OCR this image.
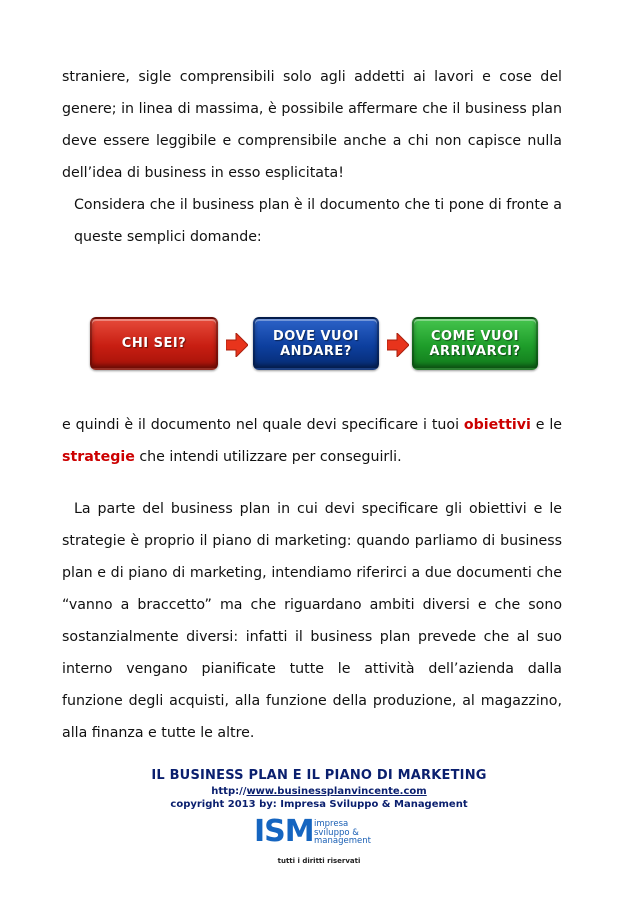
straniere, sigle comprensibili solo agli addetti ai lavori e cose del genere; in linea di massima, è possibile affermare che il business plan deve essere leggibile e comprensibile anche a chi non capisce nulla dell’idea di business in esso esplicitata!
Considera che il business plan è il documento che ti pone di fronte a queste semplici domande:

CHI SEI?	DOVE VUOI
ANDARE?
COME VUOI
ARRIVARCI?

e quindi è il documento nel quale devi specificare i tuoi obiettivi e le strategie che intendi utilizzare per conseguirli.

La parte del business plan in cui devi specificare gli obiettivi e le strategie è proprio il piano di marketing: quando parliamo di business plan e di piano di marketing, intendiamo riferirci a due documenti che “vanno a braccetto” ma che riguardano ambiti diversi e che sono sostanzialmente diversi: infatti il business plan prevede che al suo interno vengano pianificate tutte le attività dell’azienda dalla funzione degli acquisti, alla funzione della produzione, al magazzino, alla finanza e tutte le altre.

IL BUSINESS PLAN E IL PIANO DI MARKETING
http://www.businessplanvincente.com
copyright 2013 by: Impresa Sviluppo & Management
ISM impresa
sviluppo &
management
tutti i diritti riservati
